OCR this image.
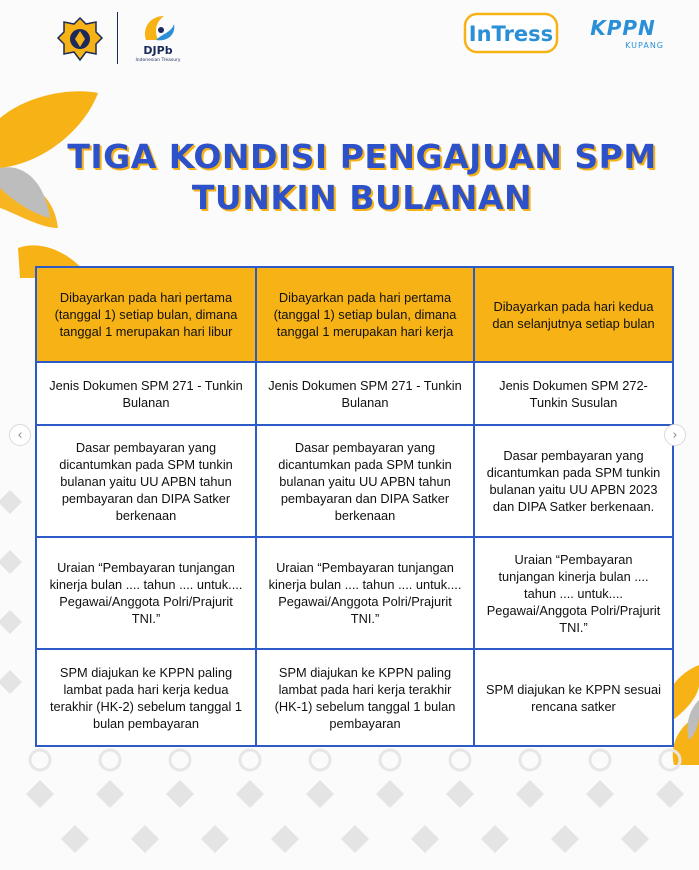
DJPb
Indonesian Treasury
InTress	KPPN
KUPANG
TIGA KONDISI PENGAJUAN SPM
TUNKIN BULANAN
Dibayarkan pada hari pertama (tanggal 1) setiap bulan, dimana tanggal 1 merupakan hari libur
Dibayarkan pada hari pertama (tanggal 1) setiap bulan, dimana tanggal 1 merupakan hari kerja
Dibayarkan pada hari kedua dan selanjutnya setiap bulan
Jenis Dokumen SPM 271 - Tunkin Bulanan
Jenis Dokumen SPM 271 - Tunkin Bulanan
Jenis Dokumen SPM 272- Tunkin Susulan
Dasar pembayaran yang dicantumkan pada SPM tunkin bulanan yaitu UU APBN tahun pembayaran dan DIPA Satker berkenaan
Dasar pembayaran yang dicantumkan pada SPM tunkin bulanan yaitu UU APBN tahun pembayaran dan DIPA Satker berkenaan
Dasar pembayaran yang dicantumkan pada SPM tunkin bulanan yaitu UU APBN 2023 dan DIPA Satker berkenaan.
Uraian “Pembayaran tunjangan kinerja bulan .... tahun .... untuk.... Pegawai/Anggota Polri/Prajurit TNI.”
Uraian “Pembayaran tunjangan kinerja bulan .... tahun .... untuk.... Pegawai/Anggota Polri/Prajurit TNI.”
Uraian “Pembayaran tunjangan kinerja bulan .... tahun .... untuk.... Pegawai/Anggota Polri/Prajurit TNI.”
SPM diajukan ke KPPN paling lambat pada hari kerja kedua terakhir (HK-2) sebelum tanggal 1 bulan pembayaran
SPM diajukan ke KPPN paling lambat pada hari kerja terakhir (HK-1) sebelum tanggal 1 bulan pembayaran
SPM diajukan ke KPPN sesuai rencana satker
‹	›
